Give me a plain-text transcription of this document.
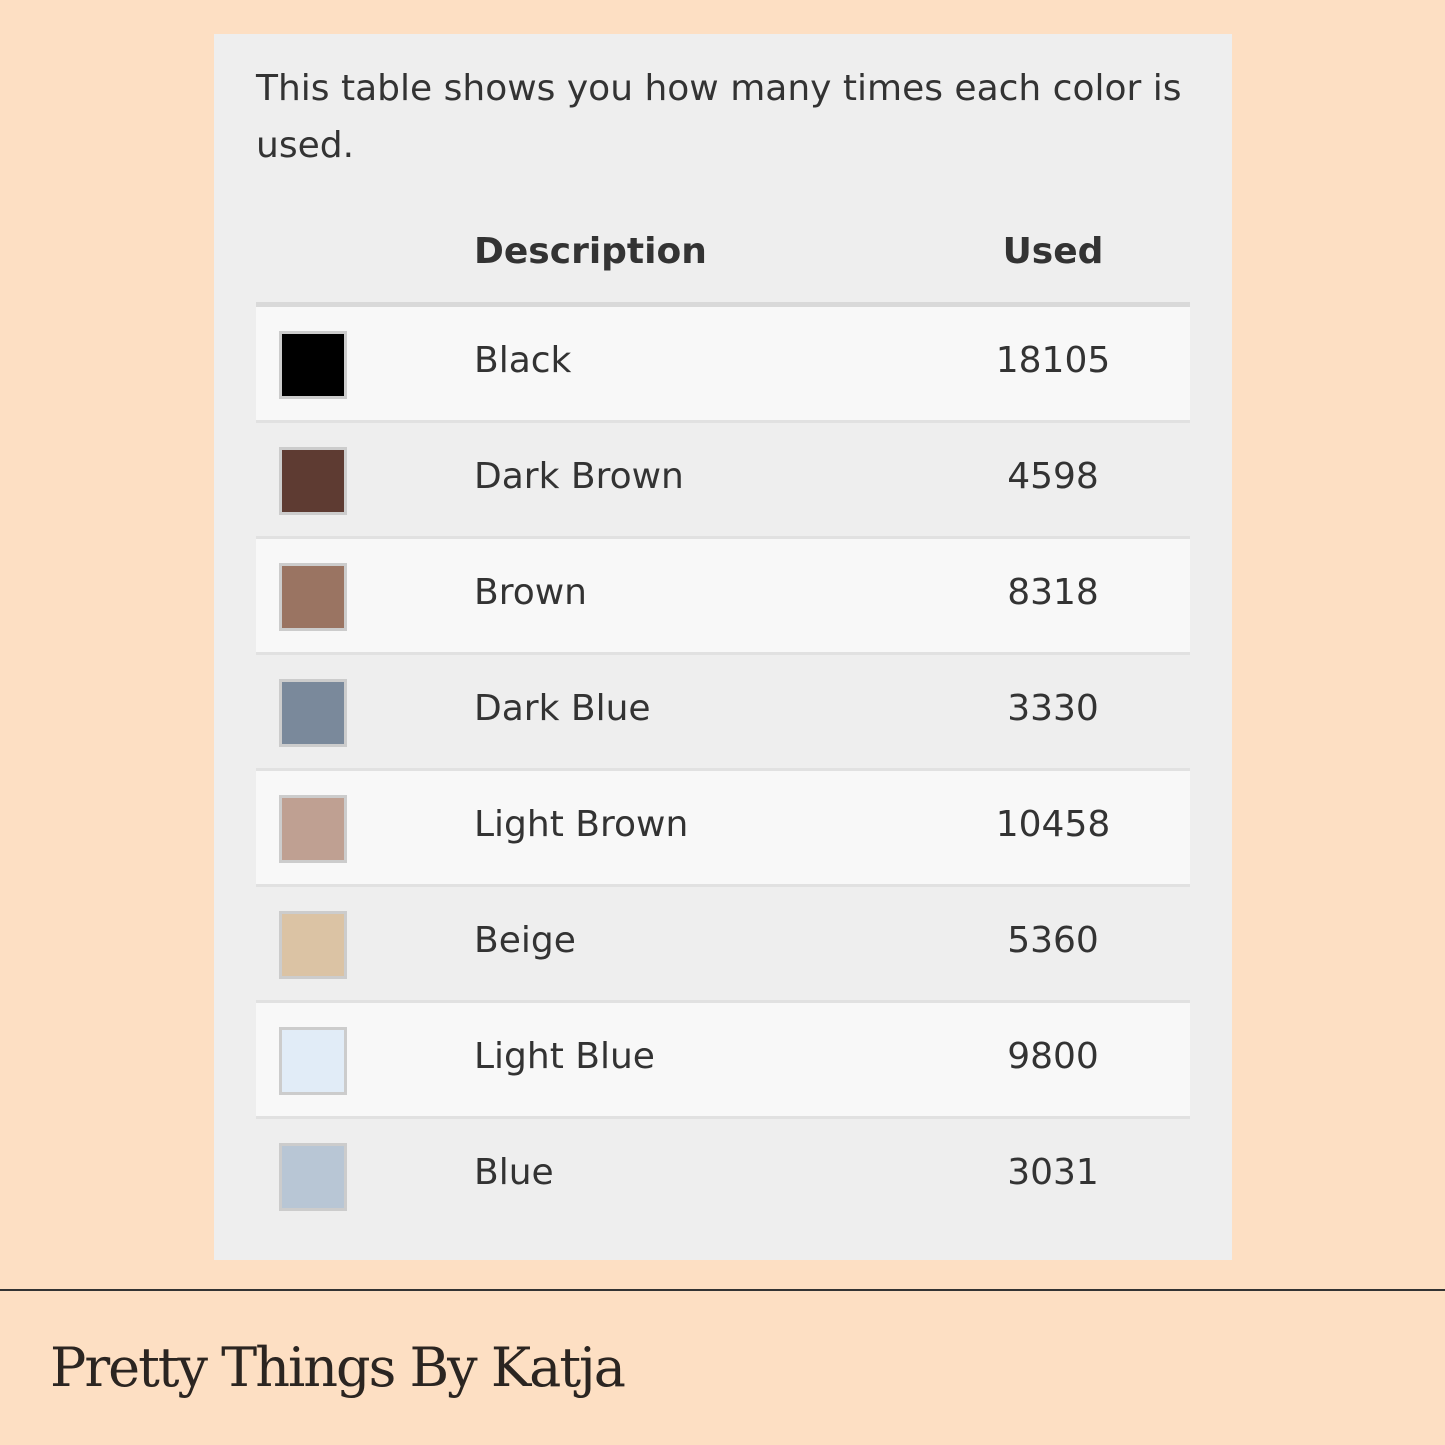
This table shows you how many times each color is used.

Description	Used
Black	18105
Dark Brown	4598
Brown	8318
Dark Blue	3330
Light Brown	10458
Beige	5360
Light Blue	9800
Blue	3031
Pretty Things By Katja
